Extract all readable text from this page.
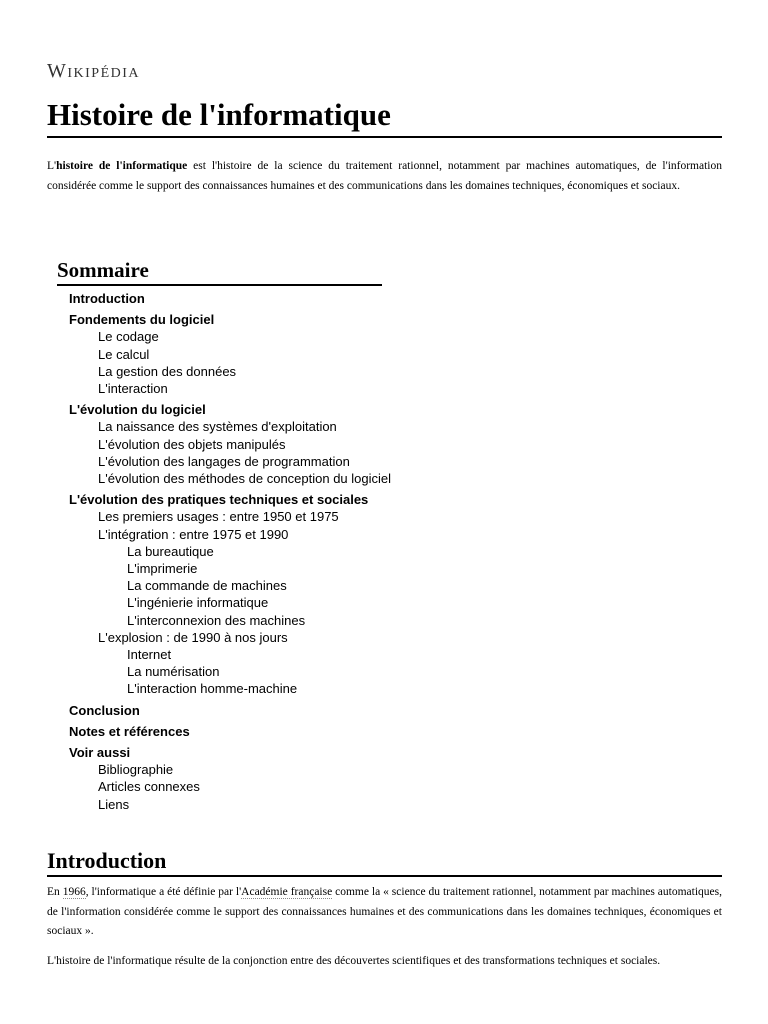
Wikipédia
Histoire de l'informatique

L'histoire de l'informatique est l'histoire de la science du traitement rationnel, notamment par machines automatiques, de l'information considérée comme le support des connaissances humaines et des communications dans les domaines techniques, économiques et sociaux.

Sommaire
Introduction
Fondements du logiciel
Le codage
Le calcul
La gestion des données
L'interaction
L'évolution du logiciel
La naissance des systèmes d'exploitation
L'évolution des objets manipulés
L'évolution des langages de programmation
L'évolution des méthodes de conception du logiciel
L'évolution des pratiques techniques et sociales
Les premiers usages : entre 1950 et 1975
L'intégration : entre 1975 et 1990
La bureautique
L'imprimerie
La commande de machines
L'ingénierie informatique
L'interconnexion des machines
L'explosion : de 1990 à nos jours
Internet
La numérisation
L'interaction homme-machine
Conclusion
Notes et références
Voir aussi
Bibliographie
Articles connexes
Liens
Introduction

En 1966, l'informatique a été définie par l'Académie française comme la « science du traitement rationnel, notamment par machines automatiques, de l'information considérée comme le support des connaissances humaines et des communications dans les domaines techniques, économiques et sociaux ».

L'histoire de l'informatique résulte de la conjonction entre des découvertes scientifiques et des transformations techniques et sociales.
